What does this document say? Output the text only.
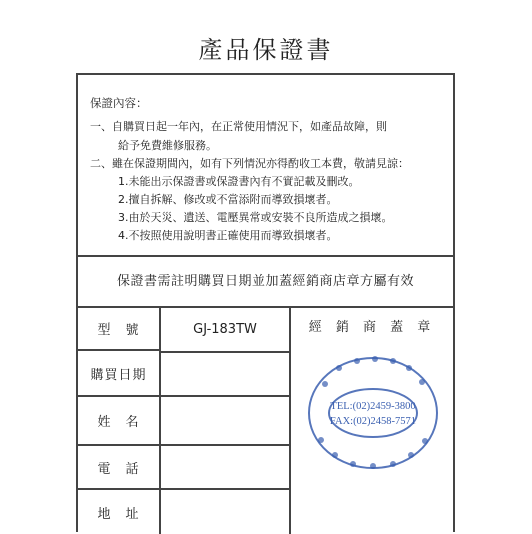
產品保證書
保證內容：
一、自購買日起一年內，在正常使用情況下，如產品故障，則
給予免費維修服務。
二、雖在保證期間內，如有下列情況亦得酌收工本費，敬請見諒：
1.未能出示保證書或保證書內有不實記載及刪改。
2.擅自拆解、修改或不當添附而導致損壞者。
3.由於天災、遺送、電壓異常或安裝不良所造成之損壞。
4.不按照使用說明書正確使用而導致損壞者。
保證書需註明購買日期並加蓋經銷商店章方屬有效
型　號	GJ-183TW
購買日期
姓　名
電　話
地　址
經 銷 商 蓋 章
TEL:(02)2459-3800
FAX:(02)2458-7571
